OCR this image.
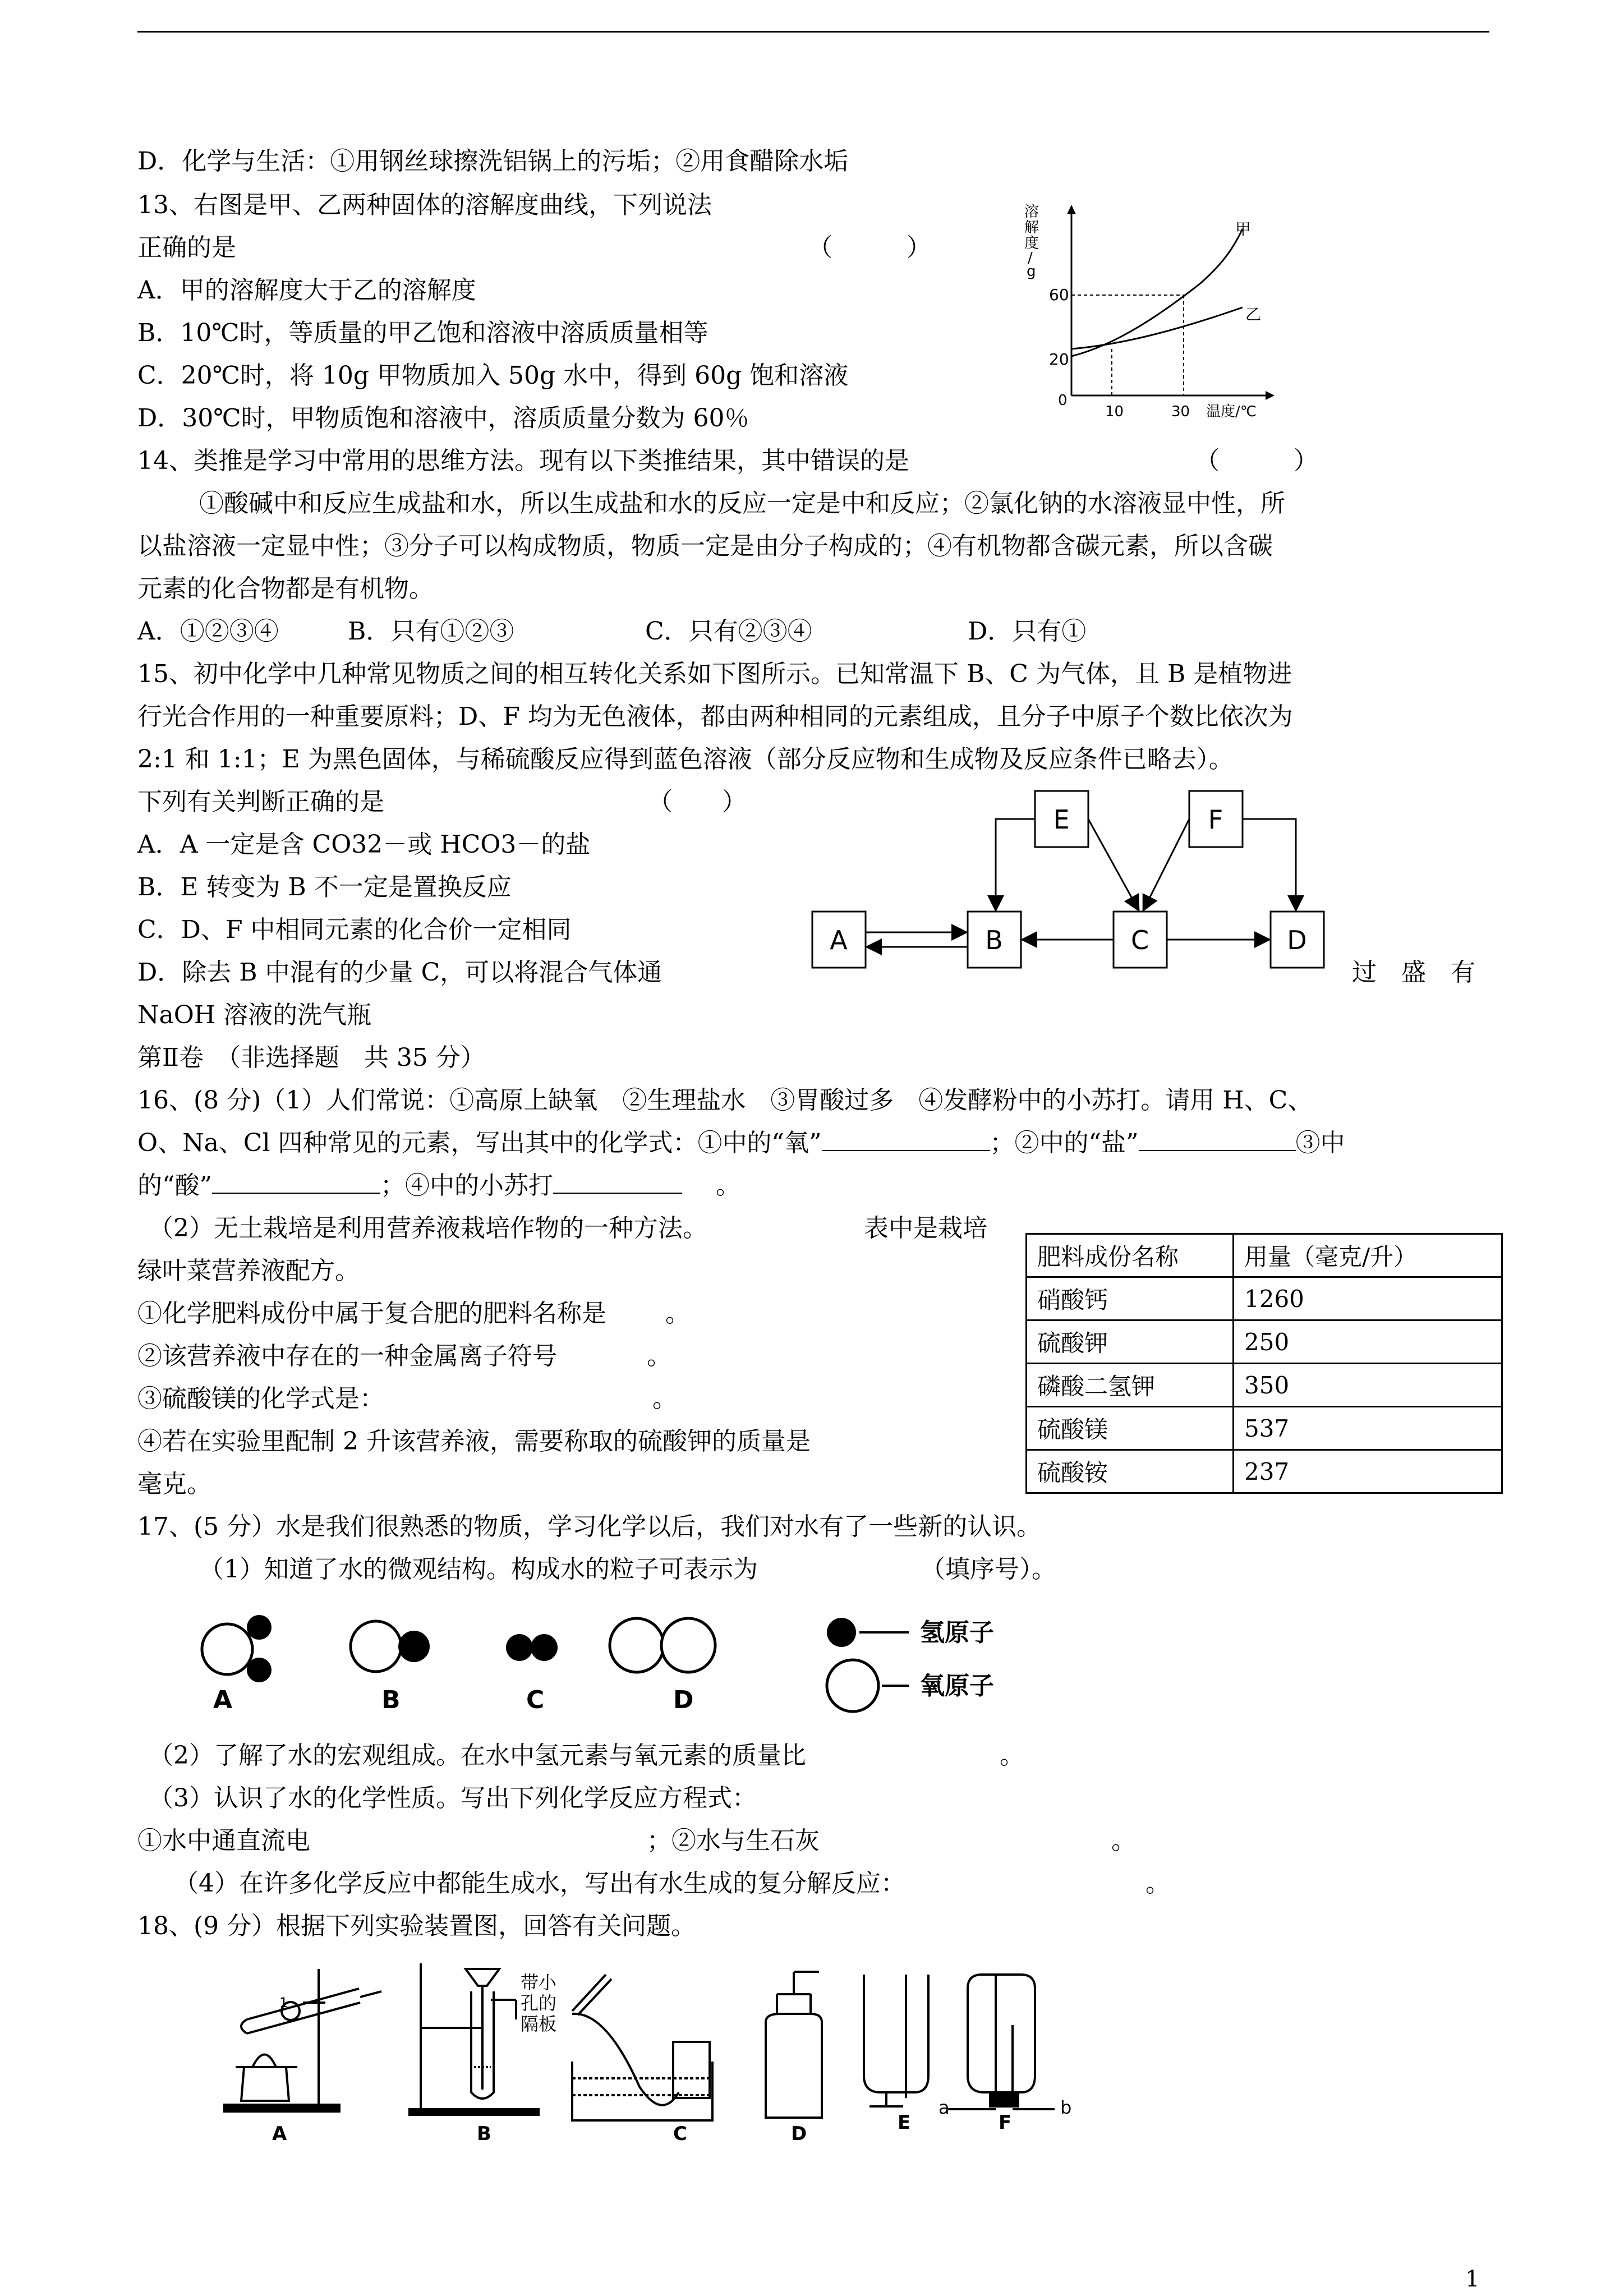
D．化学与生活：①用钢丝球擦洗铝锅上的污垢；②用食醋除水垢
13、右图是甲、乙两种固体的溶解度曲线，下列说法
正确的是	（　　　）
A．甲的溶解度大于乙的溶解度
B．10℃时，等质量的甲乙饱和溶液中溶质质量相等
C．20℃时，将 10g 甲物质加入 50g 水中，得到 60g 饱和溶液
D．30℃时，甲物质饱和溶液中，溶质质量分数为 60％
溶
解
度
/
g
0
60
20
10	30 温度/℃
甲
乙
14、类推是学习中常用的思维方法。现有以下类推结果，其中错误的是	（　　　）
①酸碱中和反应生成盐和水，所以生成盐和水的反应一定是中和反应；②氯化钠的水溶液显中性，所
以盐溶液一定显中性；③分子可以构成物质，物质一定是由分子构成的；④有机物都含碳元素，所以含碳
元素的化合物都是有机物。
A．①②③④	B．只有①②③	C．只有②③④	D．只有①
15、初中化学中几种常见物质之间的相互转化关系如下图所示。已知常温下 B、C 为气体，且 B 是植物进
行光合作用的一种重要原料；D、F 均为无色液体，都由两种相同的元素组成，且分子中原子个数比依次为
2:1 和 1:1；E 为黑色固体，与稀硫酸反应得到蓝色溶液（部分反应物和生成物及反应条件已略去）。
下列有关判断正确的是	（　　）
A．A 一定是含 CO32－或 HCO3－的盐
B．E 转变为 B 不一定是置换反应
C．D、F 中相同元素的化合价一定相同
D．除去 B 中混有的少量 C，可以将混合气体通	过　盛　有
NaOH 溶液的洗气瓶
E	F
A	B	C	D
第Ⅱ卷　（非选择题　共 35 分）
16、(8 分)（1）人们常说：①高原上缺氧　②生理盐水　③胃酸过多　④发酵粉中的小苏打。请用 H、C、
O、Na、Cl 四种常见的元素，写出其中的化学式：①中的“氧”	；②中的“盐”	③中
的“酸”	；④中的小苏打	。
（2）无土栽培是利用营养液栽培作物的一种方法。	表中是栽培
绿叶菜营养液配方。
①化学肥料成份中属于复合肥的肥料名称是 。
②该营养液中存在的一种金属离子符号	。
③硫酸镁的化学式是：	。
④若在实验里配制 2 升该营养液，需要称取的硫酸钾的质量是
毫克。
肥料成份名称	用量（毫克/升）
硝酸钙	1260
硫酸钾	250
磷酸二氢钾	350
硫酸镁	537
硫酸铵	237
17、(5 分）水是我们很熟悉的物质，学习化学以后，我们对水有了一些新的认识。
（1）知道了水的微观结构。构成水的粒子可表示为	（填序号）。
A	B	C	D
氢原子
氧原子
（2）了解了水的宏观组成。在水中氢元素与氧元素的质量比	。
（3）认识了水的化学性质。写出下列化学反应方程式：
①水中通直流电	；②水与生石灰	。
（4）在许多化学反应中都能生成水，写出有水生成的复分解反应：	。
18、(9 分）根据下列实验装置图，回答有关问题。
1
带小
孔的
隔板
a	b
A	B	C	D	E	F
1
